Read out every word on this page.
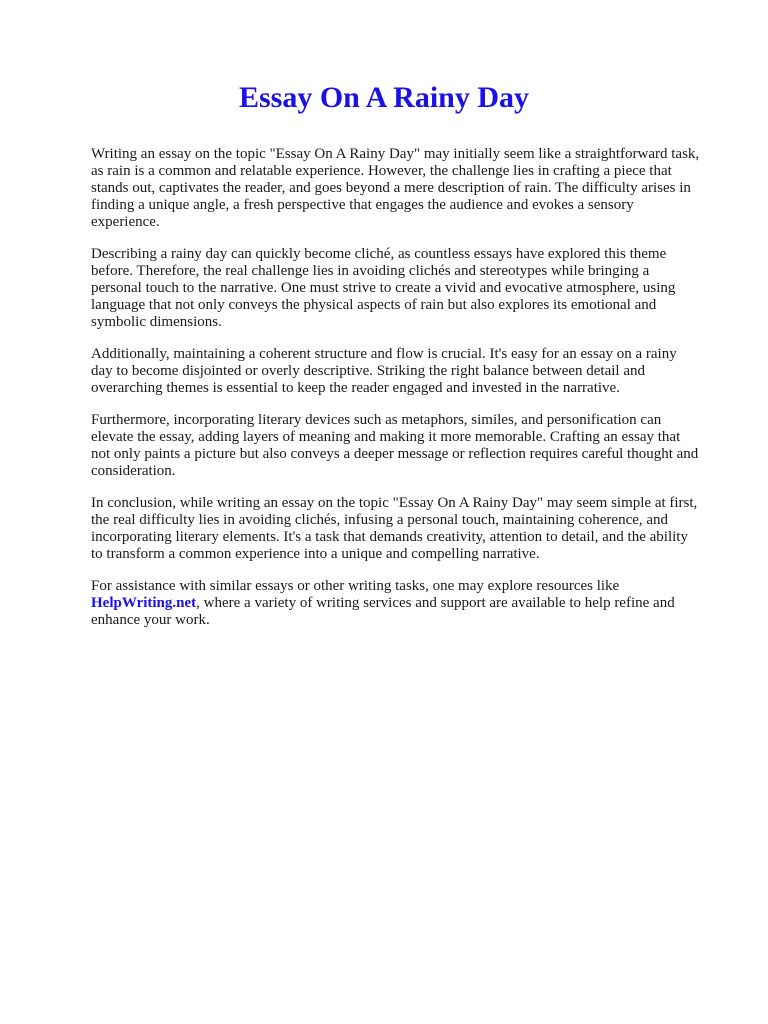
Essay On A Rainy Day

Writing an essay on the topic "Essay On A Rainy Day" may initially seem like a straightforward task,
as rain is a common and relatable experience. However, the challenge lies in crafting a piece that
stands out, captivates the reader, and goes beyond a mere description of rain. The difficulty arises in
finding a unique angle, a fresh perspective that engages the audience and evokes a sensory
experience.

Describing a rainy day can quickly become cliché, as countless essays have explored this theme
before. Therefore, the real challenge lies in avoiding clichés and stereotypes while bringing a
personal touch to the narrative. One must strive to create a vivid and evocative atmosphere, using
language that not only conveys the physical aspects of rain but also explores its emotional and
symbolic dimensions.

Additionally, maintaining a coherent structure and flow is crucial. It's easy for an essay on a rainy
day to become disjointed or overly descriptive. Striking the right balance between detail and
overarching themes is essential to keep the reader engaged and invested in the narrative.

Furthermore, incorporating literary devices such as metaphors, similes, and personification can
elevate the essay, adding layers of meaning and making it more memorable. Crafting an essay that
not only paints a picture but also conveys a deeper message or reflection requires careful thought and
consideration.

In conclusion, while writing an essay on the topic "Essay On A Rainy Day" may seem simple at first,
the real difficulty lies in avoiding clichés, infusing a personal touch, maintaining coherence, and
incorporating literary elements. It's a task that demands creativity, attention to detail, and the ability
to transform a common experience into a unique and compelling narrative.

For assistance with similar essays or other writing tasks, one may explore resources like
HelpWriting.net, where a variety of writing services and support are available to help refine and
enhance your work.
